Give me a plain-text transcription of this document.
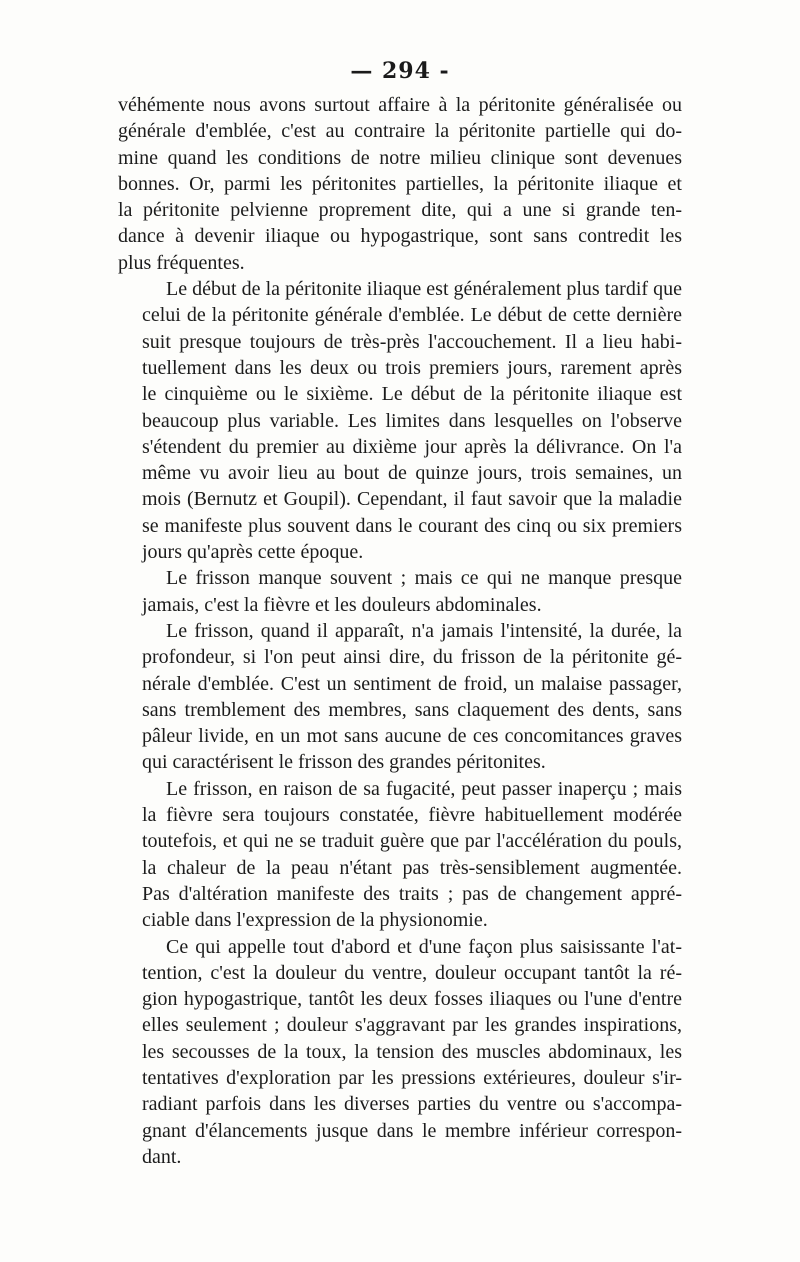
— 294 -
véhémente nous avons surtout affaire à la péritonite généralisée ou
générale d'emblée, c'est au contraire la péritonite partielle qui do-
mine quand les conditions de notre milieu clinique sont devenues
bonnes. Or, parmi les péritonites partielles, la péritonite iliaque et
la péritonite pelvienne proprement dite, qui a une si grande ten-
dance à devenir iliaque ou hypogastrique, sont sans contredit les
plus fréquentes.
Le début de la péritonite iliaque est généralement plus tardif que
celui de la péritonite générale d'emblée. Le début de cette dernière
suit presque toujours de très-près l'accouchement. Il a lieu habi-
tuellement dans les deux ou trois premiers jours, rarement après
le cinquième ou le sixième. Le début de la péritonite iliaque est
beaucoup plus variable. Les limites dans lesquelles on l'observe
s'étendent du premier au dixième jour après la délivrance. On l'a
même vu avoir lieu au bout de quinze jours, trois semaines, un
mois (Bernutz et Goupil). Cependant, il faut savoir que la maladie
se manifeste plus souvent dans le courant des cinq ou six premiers
jours qu'après cette époque.
Le frisson manque souvent ; mais ce qui ne manque presque
jamais, c'est la fièvre et les douleurs abdominales.
Le frisson, quand il apparaît, n'a jamais l'intensité, la durée, la
profondeur, si l'on peut ainsi dire, du frisson de la péritonite gé-
nérale d'emblée. C'est un sentiment de froid, un malaise passager,
sans tremblement des membres, sans claquement des dents, sans
pâleur livide, en un mot sans aucune de ces concomitances graves
qui caractérisent le frisson des grandes péritonites.
Le frisson, en raison de sa fugacité, peut passer inaperçu ; mais
la fièvre sera toujours constatée, fièvre habituellement modérée
toutefois, et qui ne se traduit guère que par l'accélération du pouls,
la chaleur de la peau n'étant pas très-sensiblement augmentée.
Pas d'altération manifeste des traits ; pas de changement appré-
ciable dans l'expression de la physionomie.
Ce qui appelle tout d'abord et d'une façon plus saisissante l'at-
tention, c'est la douleur du ventre, douleur occupant tantôt la ré-
gion hypogastrique, tantôt les deux fosses iliaques ou l'une d'entre
elles seulement ; douleur s'aggravant par les grandes inspirations,
les secousses de la toux, la tension des muscles abdominaux, les
tentatives d'exploration par les pressions extérieures, douleur s'ir-
radiant parfois dans les diverses parties du ventre ou s'accompa-
gnant d'élancements jusque dans le membre inférieur correspon-
dant.
